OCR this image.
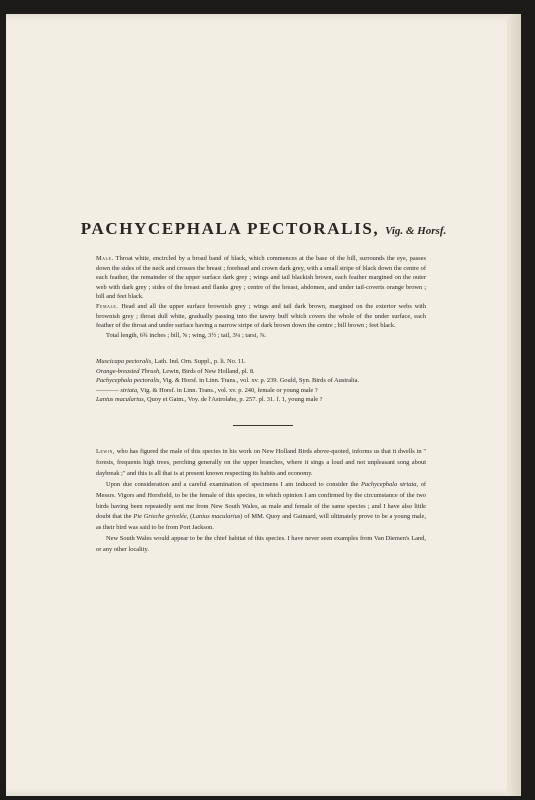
PACHYCEPHALA PECTORALIS, Vig. & Horsf.

Male. Throat white, encircled by a broad band of black, which commences at the base of the bill, surrounds the eye, passes down the sides of the neck and crosses the breast ; forehead and crown dark grey, with a small stripe of black down the centre of each feather, the remainder of the upper surface dark grey ; wings and tail blackish brown, each feather margined on the outer web with dark grey ; sides of the breast and flanks grey ; centre of the breast, abdomen, and under tail-coverts orange brown ; bill and feet black.

Female. Head and all the upper surface brownish grey ; wings and tail dark brown, margined on the exterior webs with brownish grey ; throat dull white, gradually passing into the tawny buff which covers the whole of the under surface, each feather of the throat and under surface having a narrow stripe of dark brown down the centre ; bill brown ; feet black.

Total length, 6¾ inches ; bill, ⅝ ; wing, 3½ ; tail, 3¼ ; tarsi, ⅞.

Muscicapa pectoralis, Lath. Ind. Orn. Suppl., p. li. No. 11.

Orange-breasted Thrush, Lewin, Birds of New Holland, pl. 8.

Pachycephala pectoralis, Vig. & Horsf. in Linn. Trans., vol. xv. p. 239. Gould, Syn. Birds of Australia.

———— striata, Vig. & Horsf. in Linn. Trans., vol. xv. p. 240, female or young male ?

Lanius macularius, Quoy et Gaim., Voy. de l'Astrolabe, p. 257. pl. 31. f. 1, young male ?

Lewin, who has figured the male of this species in his work on New Holland Birds above-quoted, informs us that it dwells in " forests, frequents high trees, perching generally on the upper branches, where it sings a loud and not unpleasant song about daybreak ;" and this is all that is at present known respecting its habits and economy.

Upon due consideration and a careful examination of specimens I am induced to consider the Pachycephala striata, of Messrs. Vigors and Horsfield, to be the female of this species, in which opinion I am confirmed by the circumstance of the two birds having been repeatedly sent me from New South Wales, as male and female of the same species ; and I have also little doubt that the Pie Grieche grivelée, (Lanius macularius) of MM. Quoy and Gaimard, will ultimately prove to be a young male, as their bird was said to be from Port Jackson.

New South Wales would appear to be the chief habitat of this species. I have never seen examples from Van Diemen's Land, or any other locality.
